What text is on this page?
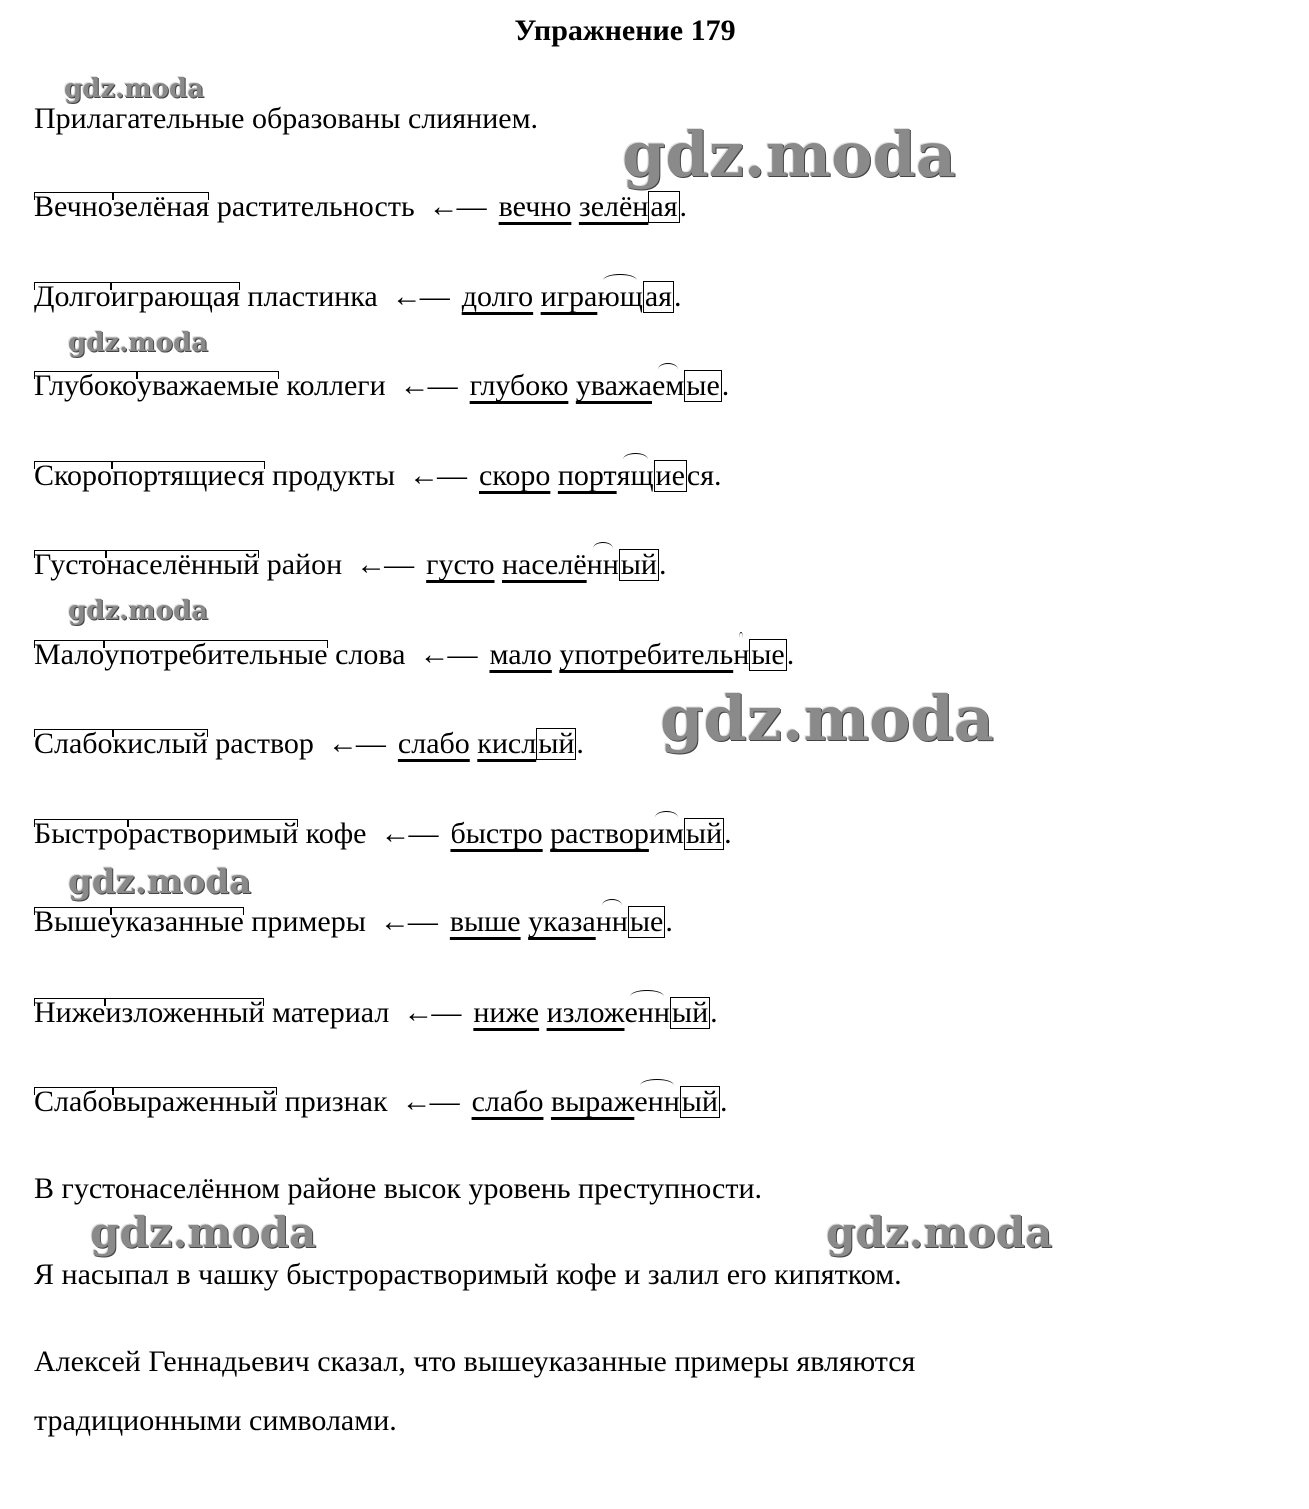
Упражнение 179
gdz.moda
gdz.moda
gdz.moda
gdz.moda
gdz.moda
gdz.moda
gdz.moda	gdz.moda
Прилагательные образованы слиянием.
Вечнозелёная растительность ←— вечно зелёная.
Долгоиграющая пластинка ←— долго играющая.
Глубокоуважаемые коллеги ←— глубоко уважаемые.
Скоропортящиеся продукты ←— скоро портящиеся.
Густонаселённый район ←— густо населённый.
Малоупотребительные слова ←— мало употребительные.
Слабокислый раствор ←— слабо кислый.
Быстрорастворимый кофе ←— быстро растворимый.
Вышеуказанные примеры ←— выше указанные.
Нижеизложенный материал ←— ниже изложенный.
Слабовыраженный признак ←— слабо выраженный.
В густонаселённом районе высок уровень преступности.
Я насыпал в чашку быстрорастворимый кофе и залил его кипятком.
Алексей Геннадьевич сказал, что вышеуказанные примеры являются
традиционными символами.
